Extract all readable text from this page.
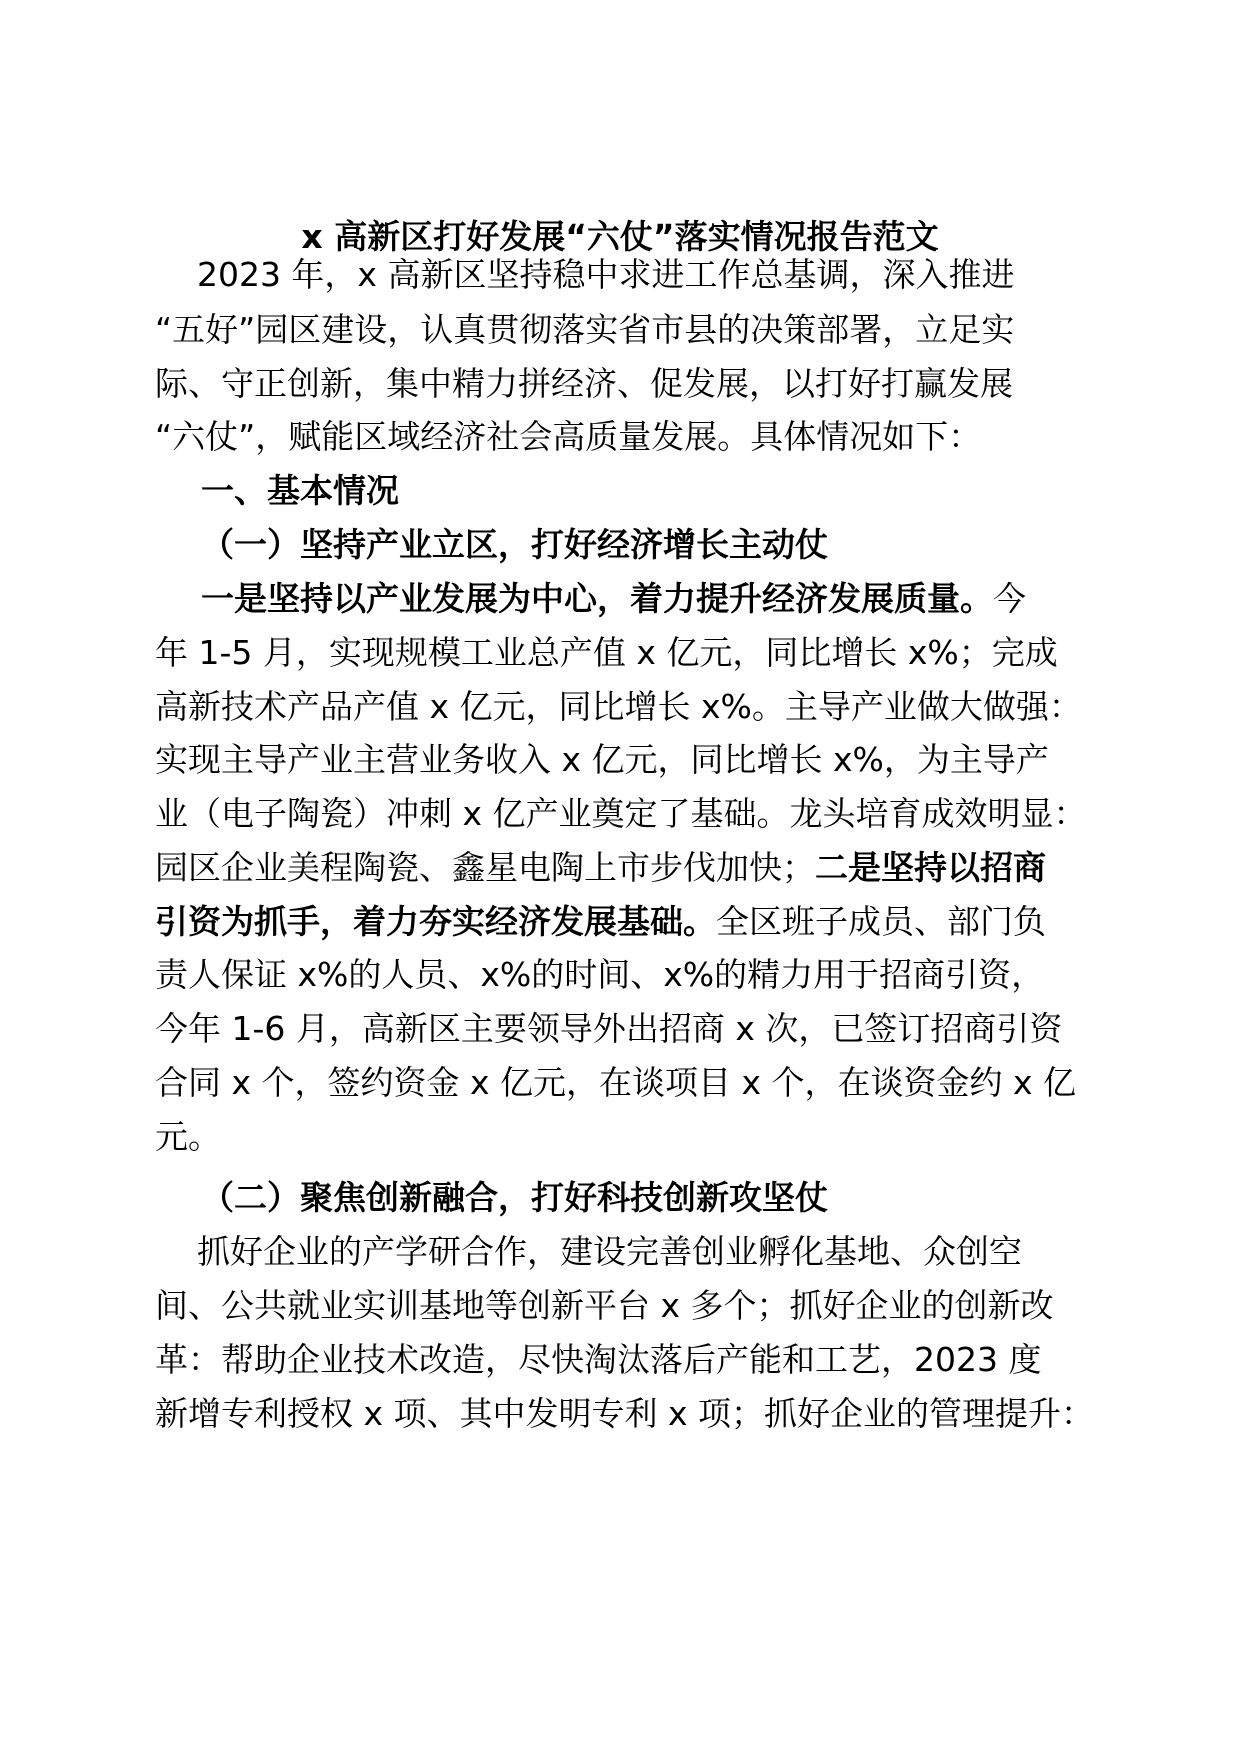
x 高新区打好发展“六仗”落实情况报告范文

2023 年，x 高新区坚持稳中求进工作总基调，深入推进

“五好”园区建设，认真贯彻落实省市县的决策部署，立足实

际、守正创新，集中精力拼经济、促发展，以打好打赢发展

“六仗”，赋能区域经济社会高质量发展。具体情况如下：

一、基本情况

（一）坚持产业立区，打好经济增长主动仗

一是坚持以产业发展为中心，着力提升经济发展质量。今

年 1-5 月，实现规模工业总产值 x 亿元，同比增长 x%；完成

高新技术产品产值 x 亿元，同比增长 x%。主导产业做大做强：

实现主导产业主营业务收入 x 亿元，同比增长 x%，为主导产

业（电子陶瓷）冲刺 x 亿产业奠定了基础。龙头培育成效明显：

园区企业美程陶瓷、鑫星电陶上市步伐加快；二是坚持以招商

引资为抓手，着力夯实经济发展基础。全区班子成员、部门负

责人保证 x%的人员、x%的时间、x%的精力用于招商引资，

今年 1-6 月，高新区主要领导外出招商 x 次，已签订招商引资

合同 x 个，签约资金 x 亿元，在谈项目 x 个，在谈资金约 x 亿

元。

（二）聚焦创新融合，打好科技创新攻坚仗

抓好企业的产学研合作，建设完善创业孵化基地、众创空

间、公共就业实训基地等创新平台 x 多个；抓好企业的创新改

革：帮助企业技术改造，尽快淘汰落后产能和工艺，2023 度

新增专利授权 x 项、其中发明专利 x 项；抓好企业的管理提升：
